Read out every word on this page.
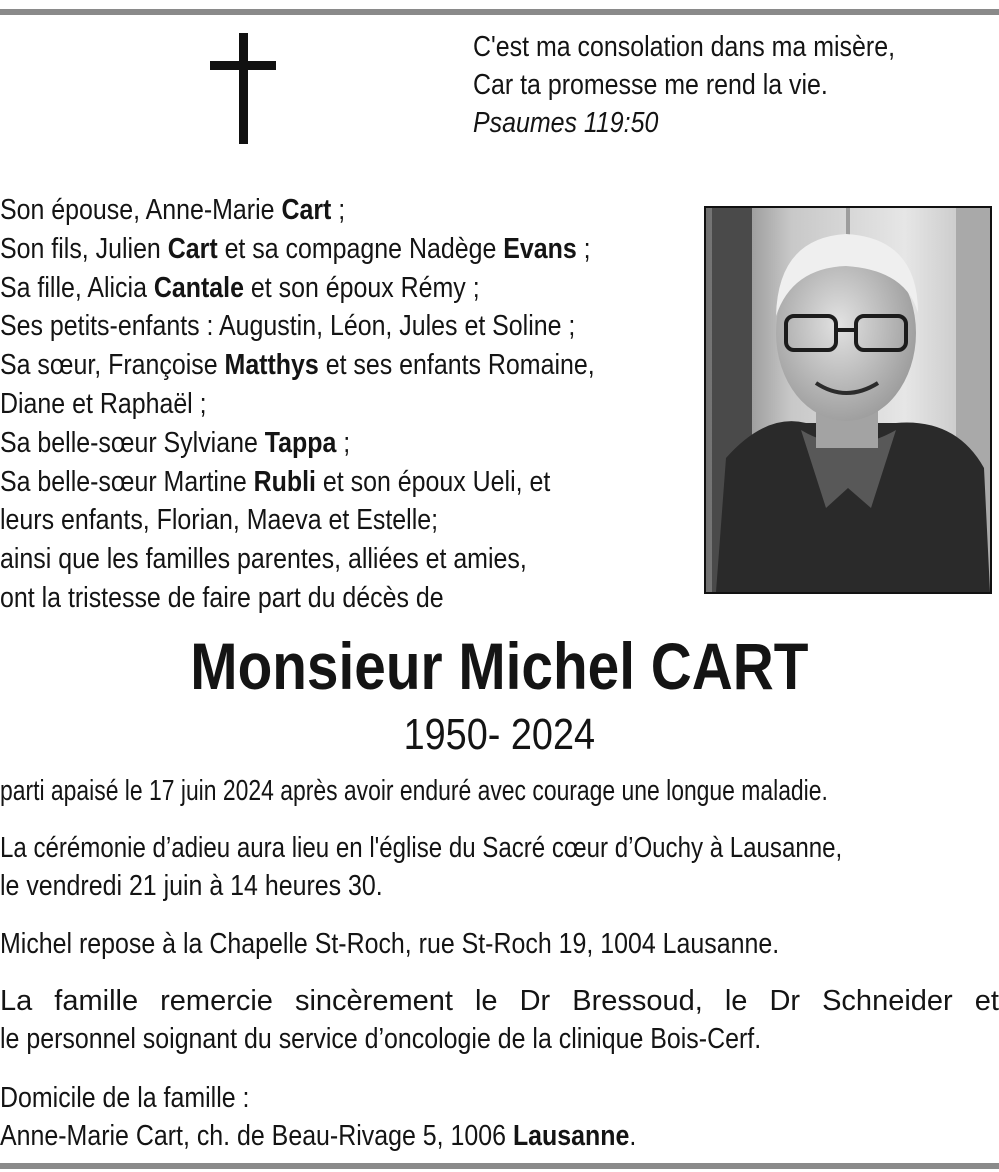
C'est ma consolation dans ma misère,
Car ta promesse me rend la vie.
Psaumes 119:50
Son épouse, Anne-Marie Cart ;
Son fils, Julien Cart et sa compagne Nadège Evans ;
Sa fille, Alicia Cantale et son époux Rémy ;
Ses petits-enfants : Augustin, Léon, Jules et Soline ;
Sa sœur, Françoise Matthys et ses enfants Romaine,
Diane et Raphaël ;
Sa belle-sœur Sylviane Tappa ;
Sa belle-sœur Martine Rubli et son époux Ueli, et
leurs enfants, Florian, Maeva et Estelle;
ainsi que les familles parentes, alliées et amies,
ont la tristesse de faire part du décès de
Monsieur Michel CART
1950- 2024
parti apaisé le 17 juin 2024 après avoir enduré avec courage une longue maladie.
La cérémonie d’adieu aura lieu en l'église du Sacré cœur d’Ouchy à Lausanne,
le vendredi 21 juin à 14 heures 30.
Michel repose à la Chapelle St-Roch, rue St-Roch 19, 1004 Lausanne.
La famille remercie sincèrement le Dr Bressoud, le Dr Schneider et
le personnel soignant du service d’oncologie de la clinique Bois-Cerf.
Domicile de la famille :
Anne-Marie Cart, ch. de Beau-Rivage 5, 1006 Lausanne.
